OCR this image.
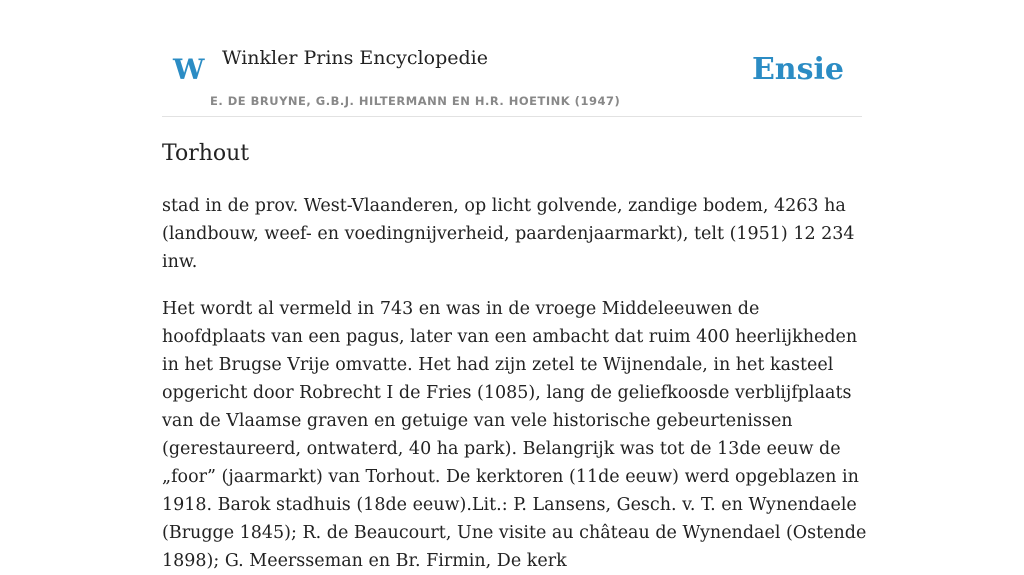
W Winkler Prins Encyclopedie
E. DE BRUYNE, G.B.J. HILTERMANN EN H.R. HOETINK (1947)
Ensie
Torhout

stad in de prov. West-Vlaanderen, op licht golvende, zandige bodem, 4263 ha (landbouw, weef- en voedingnijverheid, paardenjaarmarkt), telt (1951) 12 234 inw.

Het wordt al vermeld in 743 en was in de vroege Middeleeuwen de hoofdplaats van een pagus, later van een ambacht dat ruim 400 heerlijkheden in het Brugse Vrije omvatte. Het had zijn zetel te Wijnendale, in het kasteel opgericht door Robrecht I de Fries (1085), lang de geliefkoosde verblijfplaats van de Vlaamse graven en getuige van vele historische gebeurtenissen (gerestaureerd, ontwaterd, 40 ha park). Belangrijk was tot de 13de eeuw de „foor” (jaarmarkt) van Torhout. De kerktoren (11de eeuw) werd opgeblazen in 1918. Barok stadhuis (18de eeuw).Lit.: P. Lansens, Gesch. v. T. en Wynendaele (Brugge 1845); R. de Beaucourt, Une visite au château de Wynendael (Ostende 1898); G. Meersseman en Br. Firmin, De kerk
